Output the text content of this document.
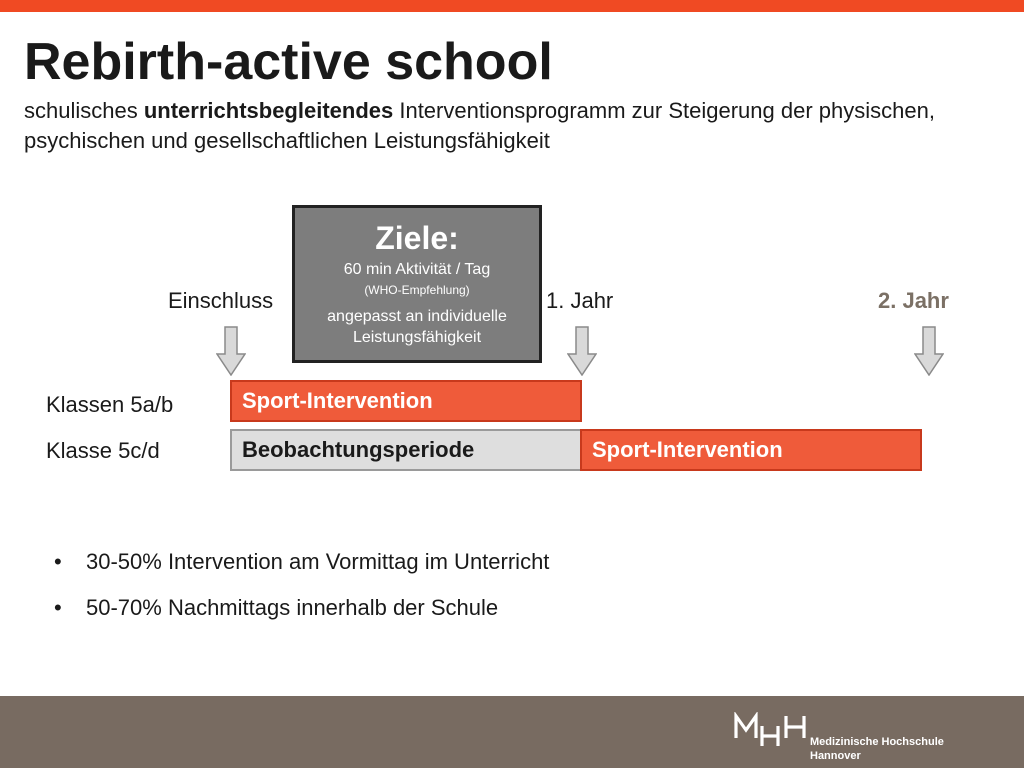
Rebirth-active school
schulisches unterrichtsbegleitendes Interventionsprogramm zur Steigerung der physischen, psychischen und gesellschaftlichen Leistungsfähigkeit
Einschluss	1. Jahr	2. Jahr
Klassen 5a/b
Klasse 5c/d
Sport-Intervention
Beobachtungsperiode	Sport-Intervention
Ziele:
60 min Aktivität / Tag
(WHO-Empfehlung)
angepasst an individuelle Leistungsfähigkeit
•	30-50% Intervention am Vormittag im Unterricht
•	50-70% Nachmittags innerhalb der Schule
Medizinische Hochschule
Hannover
